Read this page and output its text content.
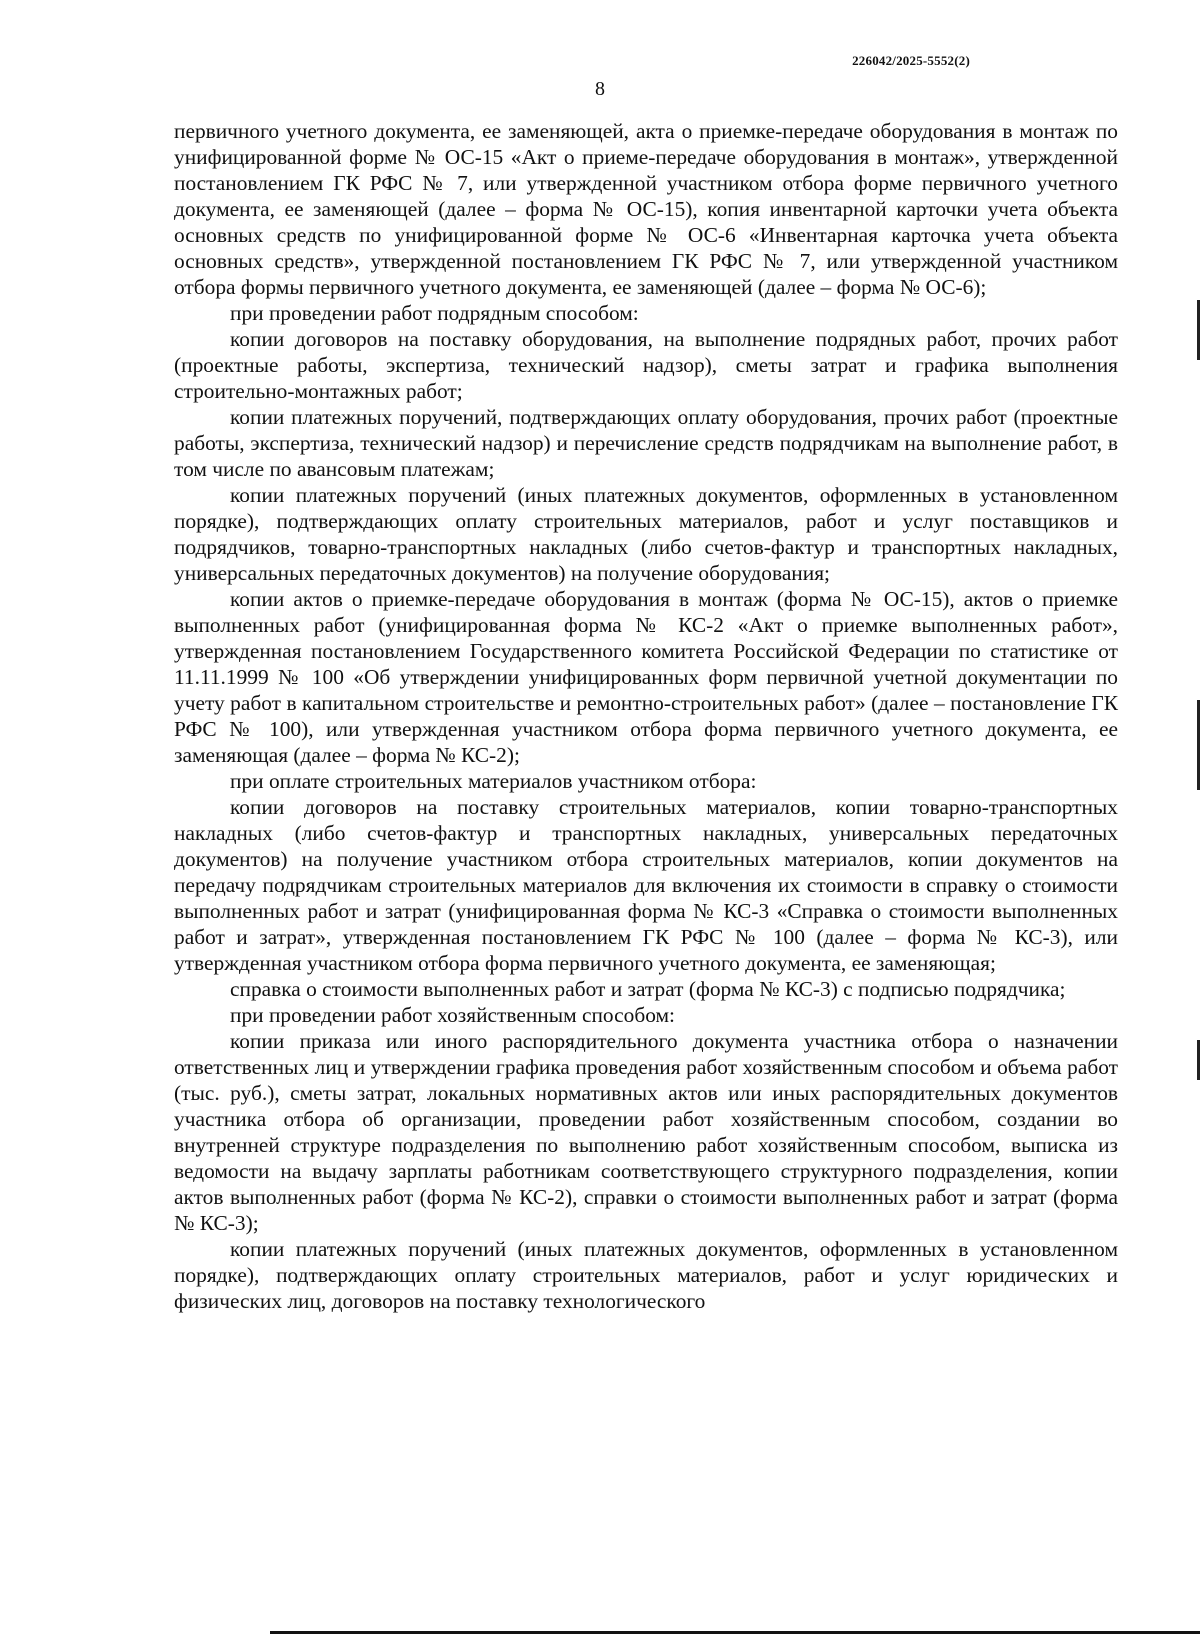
226042/2025-5552(2)
8

первичного учетного документа, ее заменяющей, акта о приемке-передаче оборудования в монтаж по унифицированной форме № ОС-15 «Акт о приеме-передаче оборудования в монтаж», утвержденной постановлением ГК РФС № 7, или утвержденной участником отбора форме первичного учетного документа, ее заменяющей (далее – форма № ОС-15), копия инвентарной карточки учета объекта основных средств по унифицированной форме № ОС-6 «Инвентарная карточка учета объекта основных средств», утвержденной постановлением ГК РФС № 7, или утвержденной участником отбора формы первичного учетного документа, ее заменяющей (далее – форма № ОС-6);

при проведении работ подрядным способом:

копии договоров на поставку оборудования, на выполнение подрядных работ, прочих работ (проектные работы, экспертиза, технический надзор), сметы затрат и графика выполнения строительно-монтажных работ;

копии платежных поручений, подтверждающих оплату оборудования, прочих работ (проектные работы, экспертиза, технический надзор) и перечисление средств подрядчикам на выполнение работ, в том числе по авансовым платежам;

копии платежных поручений (иных платежных документов, оформленных в установленном порядке), подтверждающих оплату строительных материалов, работ и услуг поставщиков и подрядчиков, товарно-транспортных накладных (либо счетов-фактур и транспортных накладных, универсальных передаточных документов) на получение оборудования;

копии актов о приемке-передаче оборудования в монтаж (форма № ОС-15), актов о приемке выполненных работ (унифицированная форма № КС-2 «Акт о приемке выполненных работ», утвержденная постановлением Государственного комитета Российской Федерации по статистике от 11.11.1999 № 100 «Об утверждении унифицированных форм первичной учетной документации по учету работ в капитальном строительстве и ремонтно-строительных работ» (далее – постановление ГК РФС № 100), или утвержденная участником отбора форма первичного учетного документа, ее заменяющая (далее – форма № КС-2);

при оплате строительных материалов участником отбора:

копии договоров на поставку строительных материалов, копии товарно-транспортных накладных (либо счетов-фактур и транспортных накладных, универсальных передаточных документов) на получение участником отбора строительных материалов, копии документов на передачу подрядчикам строительных материалов для включения их стоимости в справку о стоимости выполненных работ и затрат (унифицированная форма № КС-3 «Справка о стоимости выполненных работ и затрат», утвержденная постановлением ГК РФС № 100 (далее – форма № КС-3), или утвержденная участником отбора форма первичного учетного документа, ее заменяющая;

справка о стоимости выполненных работ и затрат (форма № КС-3) с подписью подрядчика;

при проведении работ хозяйственным способом:

копии приказа или иного распорядительного документа участника отбора о назначении ответственных лиц и утверждении графика проведения работ хозяйственным способом и объема работ (тыс. руб.), сметы затрат, локальных нормативных актов или иных распорядительных документов участника отбора об организации, проведении работ хозяйственным способом, создании во внутренней структуре подразделения по выполнению работ хозяйственным способом, выписка из ведомости на выдачу зарплаты работникам соответствующего структурного подразделения, копии актов выполненных работ (форма № КС-2), справки о стоимости выполненных работ и затрат (форма № КС-3);

копии платежных поручений (иных платежных документов, оформленных в установленном порядке), подтверждающих оплату строительных материалов, работ и услуг юридических и физических лиц, договоров на поставку технологического
